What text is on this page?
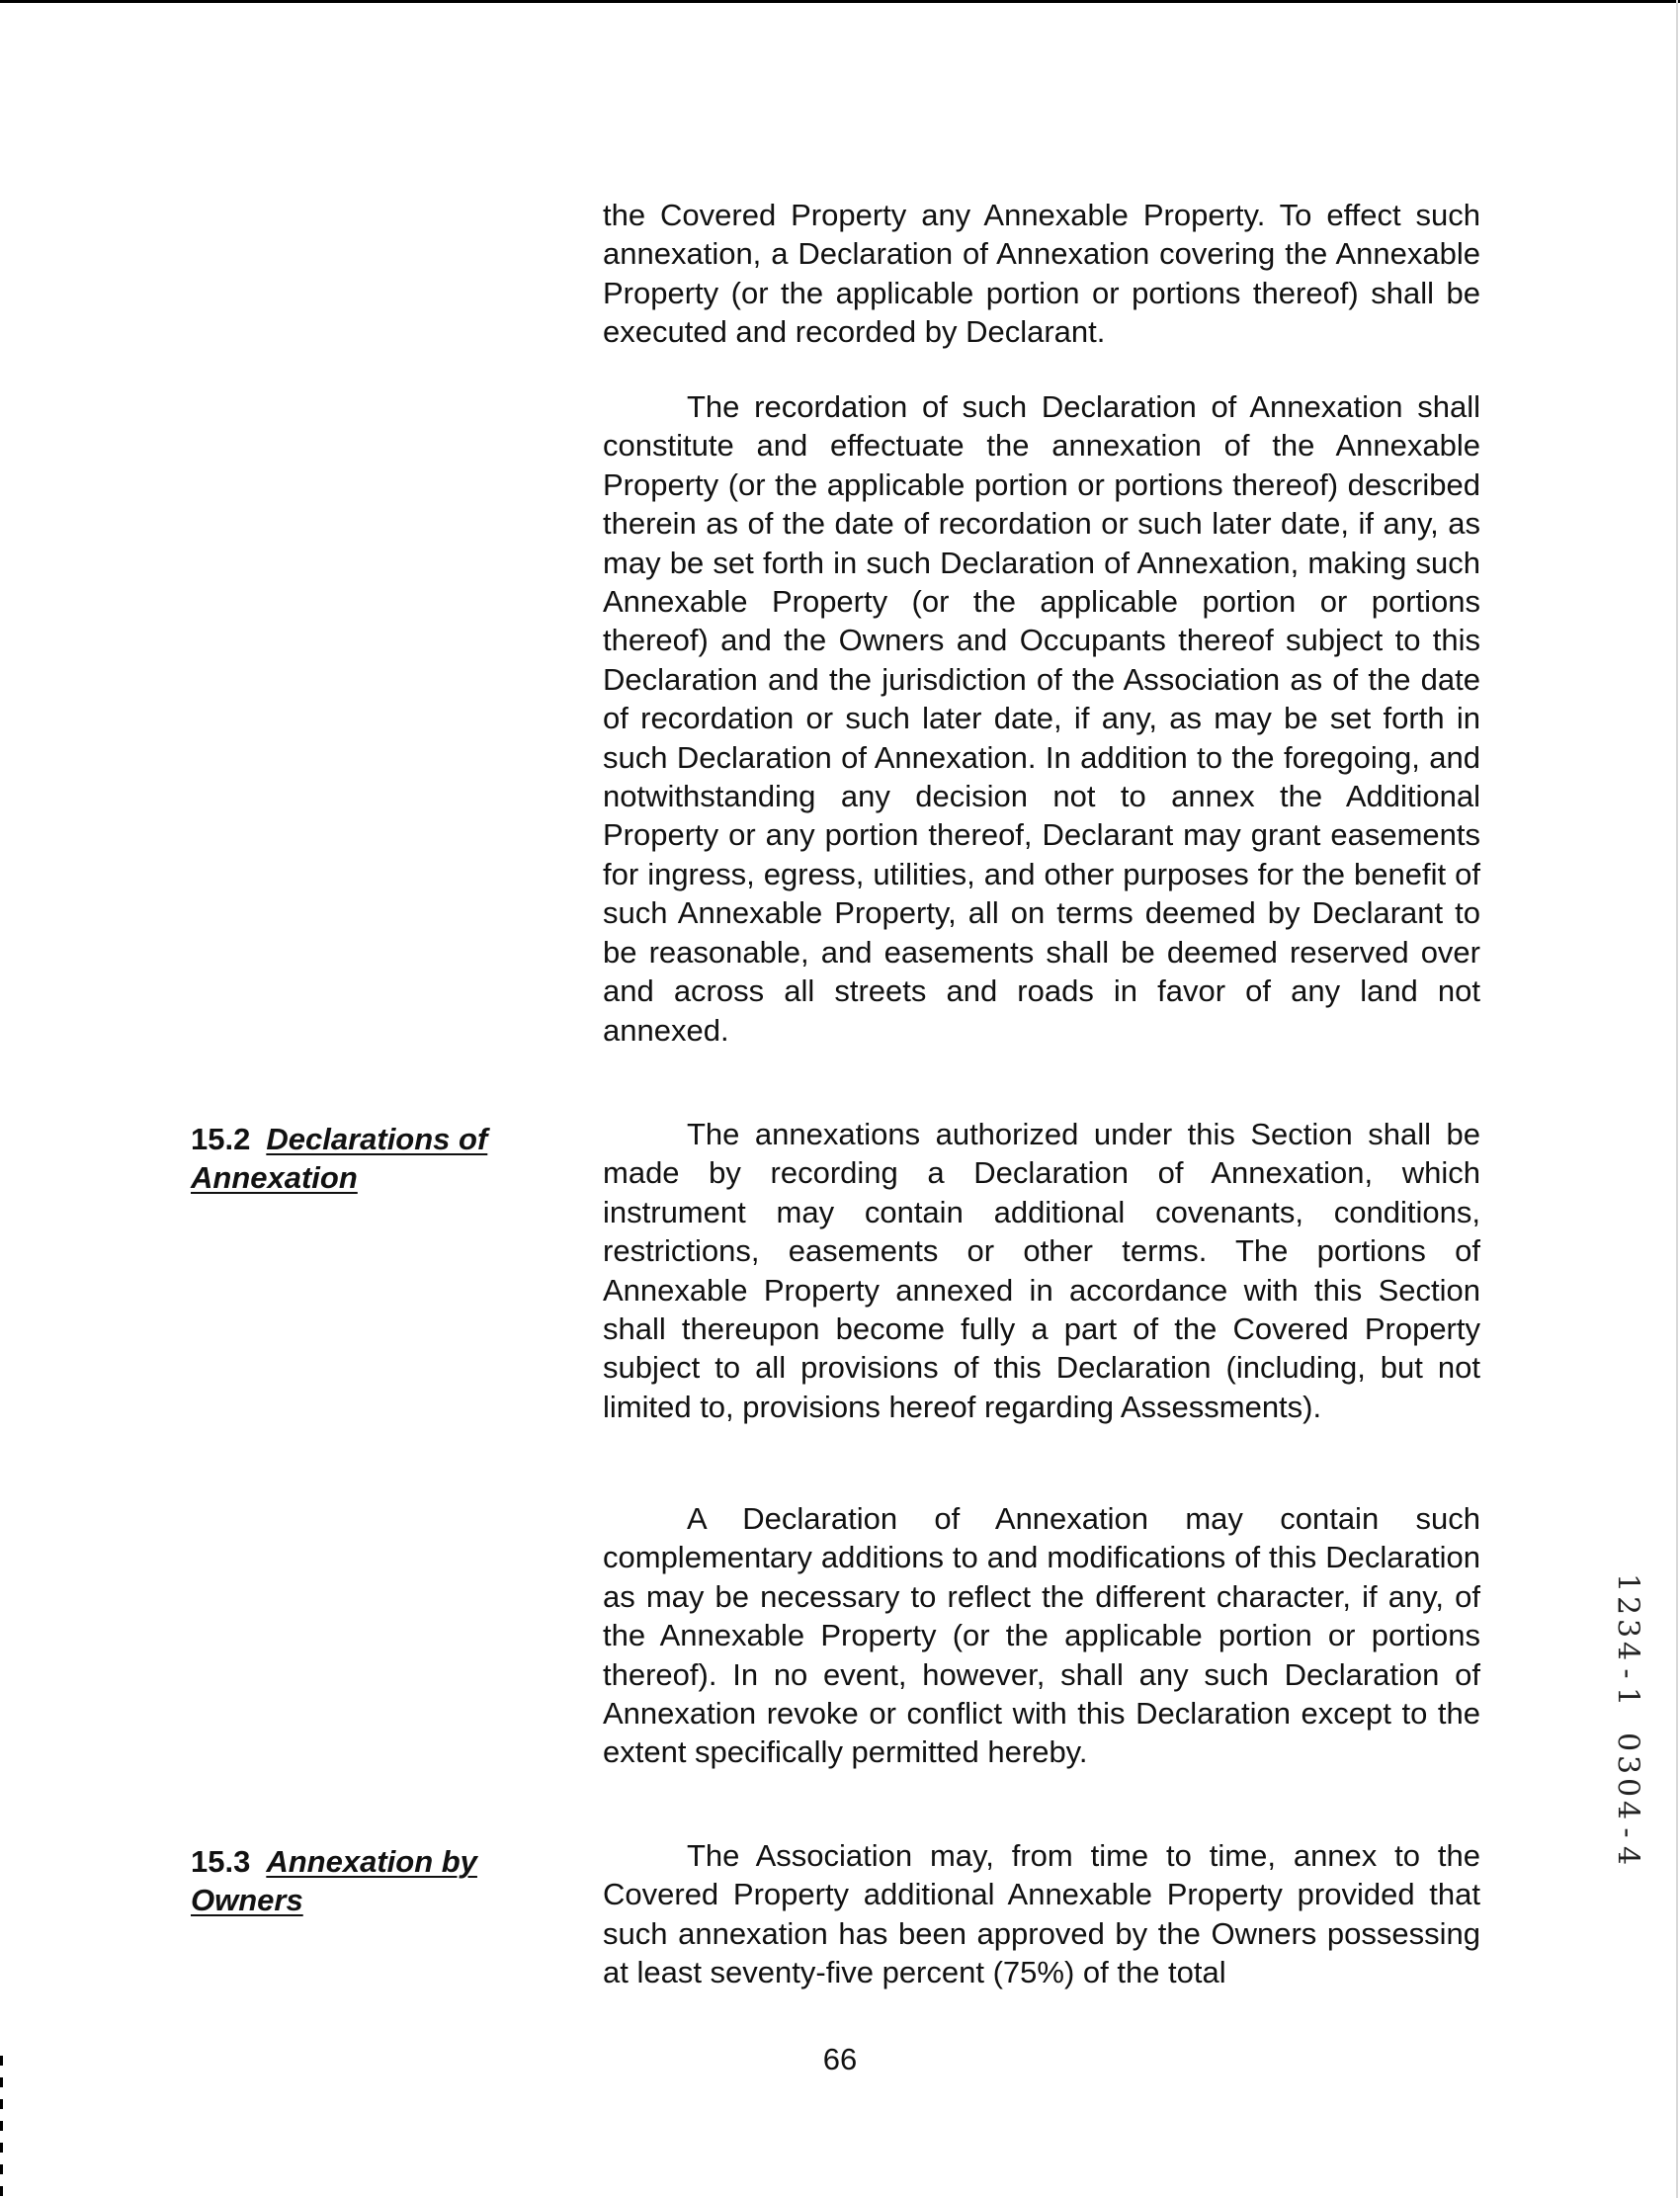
the Covered Property any Annexable Property. To effect such annexation, a Declaration of Annexation covering the Annexable Property (or the applicable portion or portions thereof) shall be executed and recorded by Declarant.

The recordation of such Declaration of Annexation shall constitute and effectuate the annexation of the Annexable Property (or the applicable portion or portions thereof) described therein as of the date of recordation or such later date, if any, as may be set forth in such Declaration of Annexation, making such Annexable Property (or the applicable portion or portions thereof) and the Owners and Occupants thereof subject to this Declaration and the jurisdiction of the Association as of the date of recordation or such later date, if any, as may be set forth in such Declaration of Annexation. In addition to the foregoing, and notwithstanding any decision not to annex the Additional Property or any portion thereof, Declarant may grant easements for ingress, egress, utilities, and other purposes for the benefit of such Annexable Property, all on terms deemed by Declarant to be reasonable, and easements shall be deemed reserved over and across all streets and roads in favor of any land not annexed.

15.2 Declarations of
Annexation

The annexations authorized under this Section shall be made by recording a Declaration of Annexation, which instrument may contain additional covenants, conditions, restrictions, easements or other terms. The portions of Annexable Property annexed in accordance with this Section shall thereupon become fully a part of the Covered Property subject to all provisions of this Declaration (including, but not limited to, provisions hereof regarding Assessments).

A Declaration of Annexation may contain such complementary additions to and modifications of this Declaration as may be necessary to reflect the different character, if any, of the Annexable Property (or the applicable portion or portions thereof). In no event, however, shall any such Declaration of Annexation revoke or conflict with this Declaration except to the extent specifically permitted hereby.

15.3 Annexation by
Owners

The Association may, from time to time, annex to the Covered Property additional Annexable Property provided that such annexation has been approved by the Owners possessing at least seventy-five percent (75%) of the total

66
1
2
3
4
-
1

0
3
0
4
-
4
